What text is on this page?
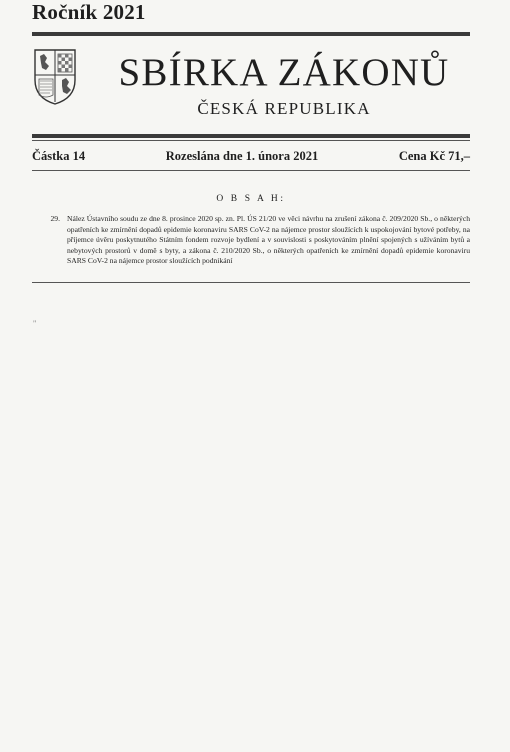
Ročník 2021
SBÍRKA ZÁKONŮ
ČESKÁ REPUBLIKA
Částka 14	Rozeslána dne 1. února 2021	Cena Kč 71,–
O B S A H:
29. Nález Ústavního soudu ze dne 8. prosince 2020 sp. zn. Pl. ÚS 21/20 ve věci návrhu na zrušení zákona č. 209/2020 Sb., o některých opatřeních ke zmírnění dopadů epidemie koronaviru SARS CoV-2 na nájemce prostor sloužících k uspokojování bytové potřeby, na příjemce úvěru poskytnutého Státním fondem rozvoje bydlení a v souvislosti s poskytováním plnění spojených s užíváním bytů a nebytových prostorů v domě s byty, a zákona č. 210/2020 Sb., o některých opatřeních ke zmírnění dopadů epidemie koronaviru SARS CoV-2 na nájemce prostor sloužících podnikání
"
